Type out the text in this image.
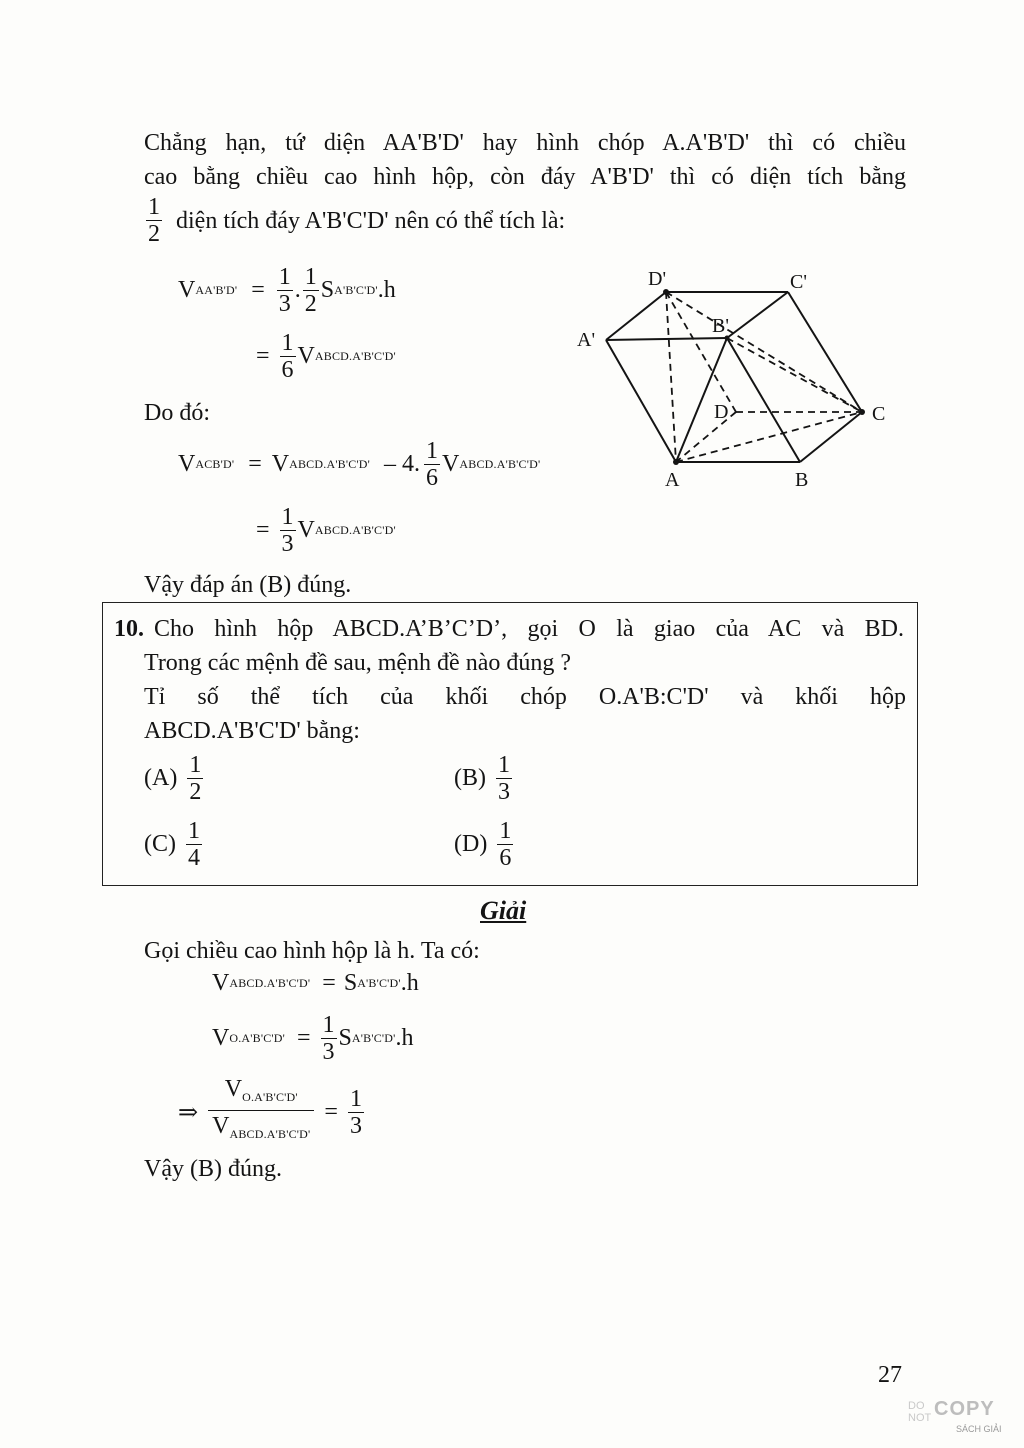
Chẳng hạn, tứ diện AA'B'D' hay hình chóp A.A'B'D' thì có chiều
cao bằng chiều cao hình hộp, còn đáy A'B'D' thì có diện tích bằng
$\frac{1}{2}$ diện tích đáy A'B'C'D' nên có thể tích là:
V $AA'B'D' = \frac{1}{3}$ . $\frac{1}{2}$ S A'B'C'D' .h
= $\frac{1}{6}$ V ABCD.A'B'C'D'
Do đó:
V ACB'D' = V ABCD.A'B'C'D' – 4. $\frac{1}{6}$ V ABCD.A'B'C'D'
= $\frac{1}{3}$ V ABCD.A'B'C'D'
Vậy đáp án (B) đúng.
D'	C'
A'
B'
D	C
A	B
10. Cho hình hộp ABCD.A’B’C’D’, gọi O là giao của AC và BD.
Trong các mệnh đề sau, mệnh đề nào đúng ?
Tỉ số thể tích của khối chóp O.A'B:C'D' và khối hộp
ABCD.A'B'C'D' bằng:
$(A) \frac{1}{2}$	$(B) \frac{1}{3}$
$(C) \frac{1}{4}$	$(D) \frac{1}{6}$
Giải
Gọi chiều cao hình hộp là h. Ta có:
V ABCD.A'B'C'D' = S A'B'C'D' .h
V $O.A'B'C'D' = \frac{1}{3}$ S A'B'C'D' .h
⇒ $\frac{V_{O.A'B'C'D'}}{V_{ABCD.A'B'C'D'}} = \frac{1}{3}$
Vậy (B) đúng.
27
DO
NOT COPY
SÁCH GIẢI
